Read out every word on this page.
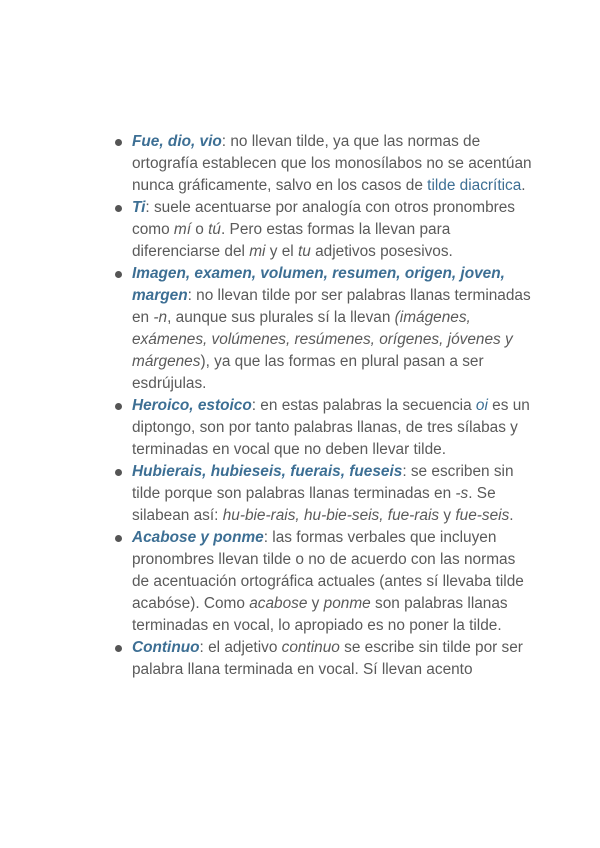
Fue, dio, vio: no llevan tilde, ya que las normas de ortografía establecen que los monosílabos no se acentúan nunca gráficamente, salvo en los casos de tilde diacrítica.
Ti: suele acentuarse por analogía con otros pronombres como mí o tú. Pero estas formas la llevan para diferenciarse del mi y el tu adjetivos posesivos.
Imagen, examen, volumen, resumen, origen, joven, margen: no llevan tilde por ser palabras llanas terminadas en -n, aunque sus plurales sí la llevan (imágenes, exámenes, volúmenes, resúmenes, orígenes, jóvenes y márgenes), ya que las formas en plural pasan a ser esdrújulas.
Heroico, estoico: en estas palabras la secuencia oi es un diptongo, son por tanto palabras llanas, de tres sílabas y terminadas en vocal que no deben llevar tilde.
Hubierais, hubieseis, fuerais, fueseis: se escriben sin tilde porque son palabras llanas terminadas en -s. Se silabean así: hu-bie-rais, hu-bie-seis, fue-rais y fue-seis.
Acabose y ponme: las formas verbales que incluyen pronombres llevan tilde o no de acuerdo con las normas de acentuación ortográfica actuales (antes sí llevaba tilde acabóse). Como acabose y ponme son palabras llanas terminadas en vocal, lo apropiado es no poner la tilde.
Continuo: el adjetivo continuo se escribe sin tilde por ser palabra llana terminada en vocal. Sí llevan acento
